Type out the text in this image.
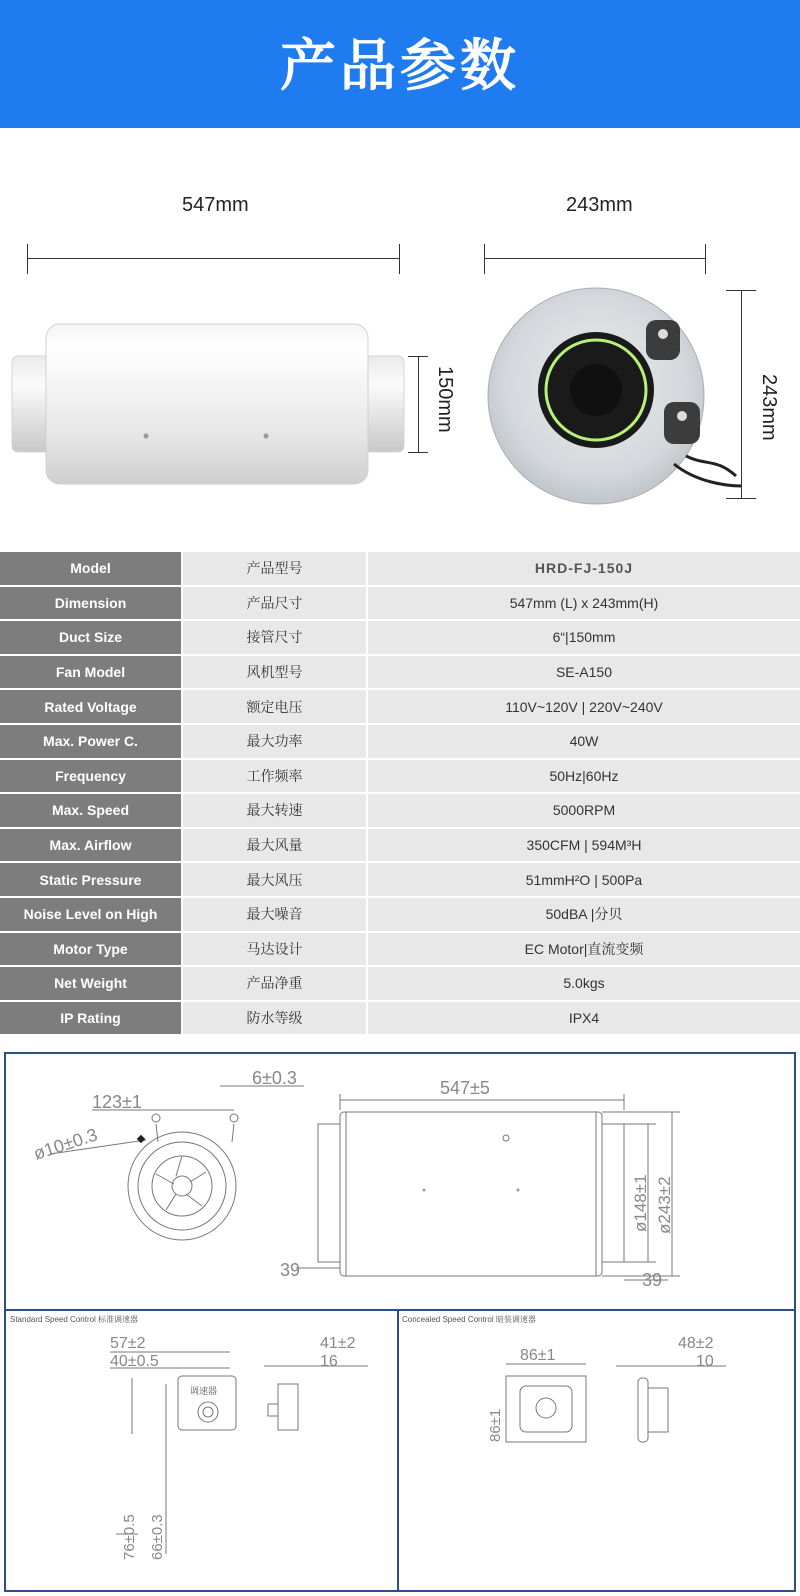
产品参数
547mm	243mm
150mm	243mm
Model	产品型号	HRD-FJ-150J
Dimension	产品尺寸	547mm (L) x 243mm(H)
Duct Size	接管尺寸	6“|150mm
Fan Model	风机型号	SE-A150
Rated Voltage	额定电压	110V~120V | 220V~240V
Max. Power C.	最大功率	40W
Frequency	工作频率	50Hz|60Hz
Max. Speed	最大转速	5000RPM
Max. Airflow	最大风量	350CFM | 594M³H
Static Pressure	最大风压	51mmH²O | 500Pa
Noise Level on High	最大噪音	50dBA |分贝
Motor Type	马达设计	EC Motor|直流变频
Net Weight	产品净重	5.0kgs
IP Rating	防水等级	IPX4
6±0.3
123±1
ø10±0.3
547±5
ø148±1 ø243±2
39	39
Standard Speed Control 标准调速器
57±2
40±0.5
调速器
76±0.5 66±0.3
41±2
16
Concealed Speed Control 暗装调速器
86±1
86±1
48±2
10
